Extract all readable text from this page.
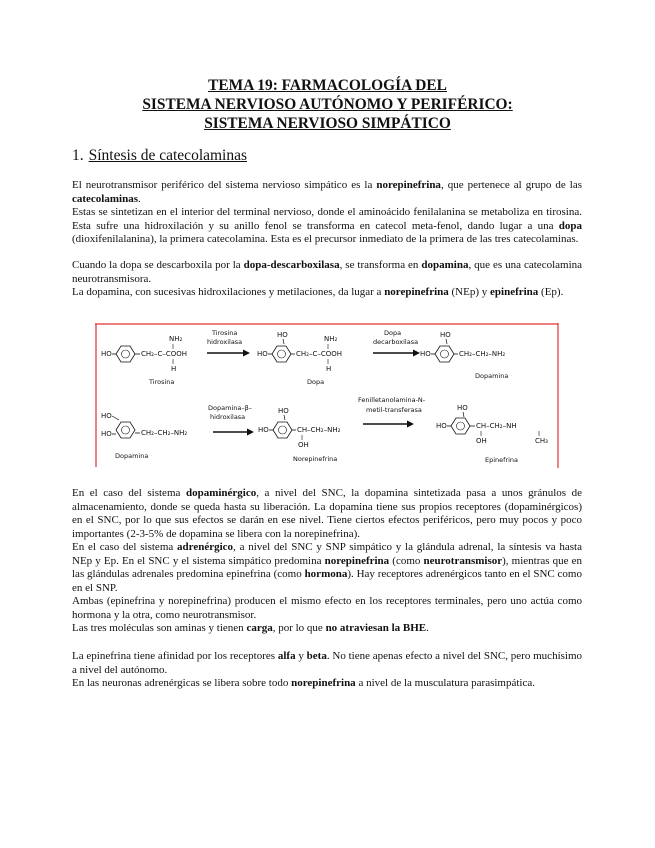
TEMA 19: FARMACOLOGÍA DEL
SISTEMA NERVIOSO AUTÓNOMO Y PERIFÉRICO:
SISTEMA NERVIOSO SIMPÁTICO
1. Síntesis de catecolaminas

El neurotransmisor periférico del sistema nervioso simpático es la norepinefrina, que pertenece al grupo de las catecolaminas.

Estas se sintetizan en el interior del terminal nervioso, donde el aminoácido fenilalanina se metaboliza en tirosina. Esta sufre una hidroxilación y su anillo fenol se transforma en catecol meta-fenol, dando lugar a una dopa (dioxifenilalanina), la primera catecolamina. Esta es el precursor inmediato de la primera de las tres catecolaminas.

Cuando la dopa se descarboxila por la dopa-descarboxilasa, se transforma en dopamina, que es una catecolamina neurotransmisora.

La dopamina, con sucesivas hidroxilaciones y metilaciones, da lugar a norepinefrina (NEp) y epinefrina (Ep).

HO	CH₂–C–COOH
NH₂
H
Tirosina
Tirosina
hidroxilasa
HO
HO	CH₂–C–COOH
NH₂
H
Dopa
Dopa
decarboxilasa
HO
HO	CH₂–CH₂–NH₂
Dopamina
HO
HO	CH₂–CH₂–NH₂
Dopamina
Dopamina–β–
hidroxilasa
HO
HO	CH–CH₂–NH₂
OH
Norepinefrina
Fenilletanolamina-N-
metil-transferasa	HO
HO	CH–CH₂–NH
OH	CH₃
Epinefrina

En el caso del sistema dopaminérgico, a nivel del SNC, la dopamina sintetizada pasa a unos gránulos de almacenamiento, donde se queda hasta su liberación. La dopamina tiene sus propios receptores (dopaminérgicos) en el SNC, por lo que sus efectos se darán en ese nivel. Tiene ciertos efectos periféricos, pero muy pocos y poco importantes (2-3-5% de dopamina se libera con la norepinefrina).

En el caso del sistema adrenérgico, a nivel del SNC y SNP simpático y la glándula adrenal, la síntesis va hasta NEp y Ep. En el SNC y el sistema simpático predomina norepinefrina (como neurotransmisor), mientras que en las glándulas adrenales predomina epinefrina (como hormona). Hay receptores adrenérgicos tanto en el SNC como en el SNP.

Ambas (epinefrina y norepinefrina) producen el mismo efecto en los receptores terminales, pero uno actúa como hormona y la otra, como neurotransmisor.

Las tres moléculas son aminas y tienen carga, por lo que no atraviesan la BHE.

La epinefrina tiene afinidad por los receptores alfa y beta. No tiene apenas efecto a nivel del SNC, pero muchísimo a nivel del autónomo.

En las neuronas adrenérgicas se libera sobre todo norepinefrina a nivel de la musculatura parasimpática.
